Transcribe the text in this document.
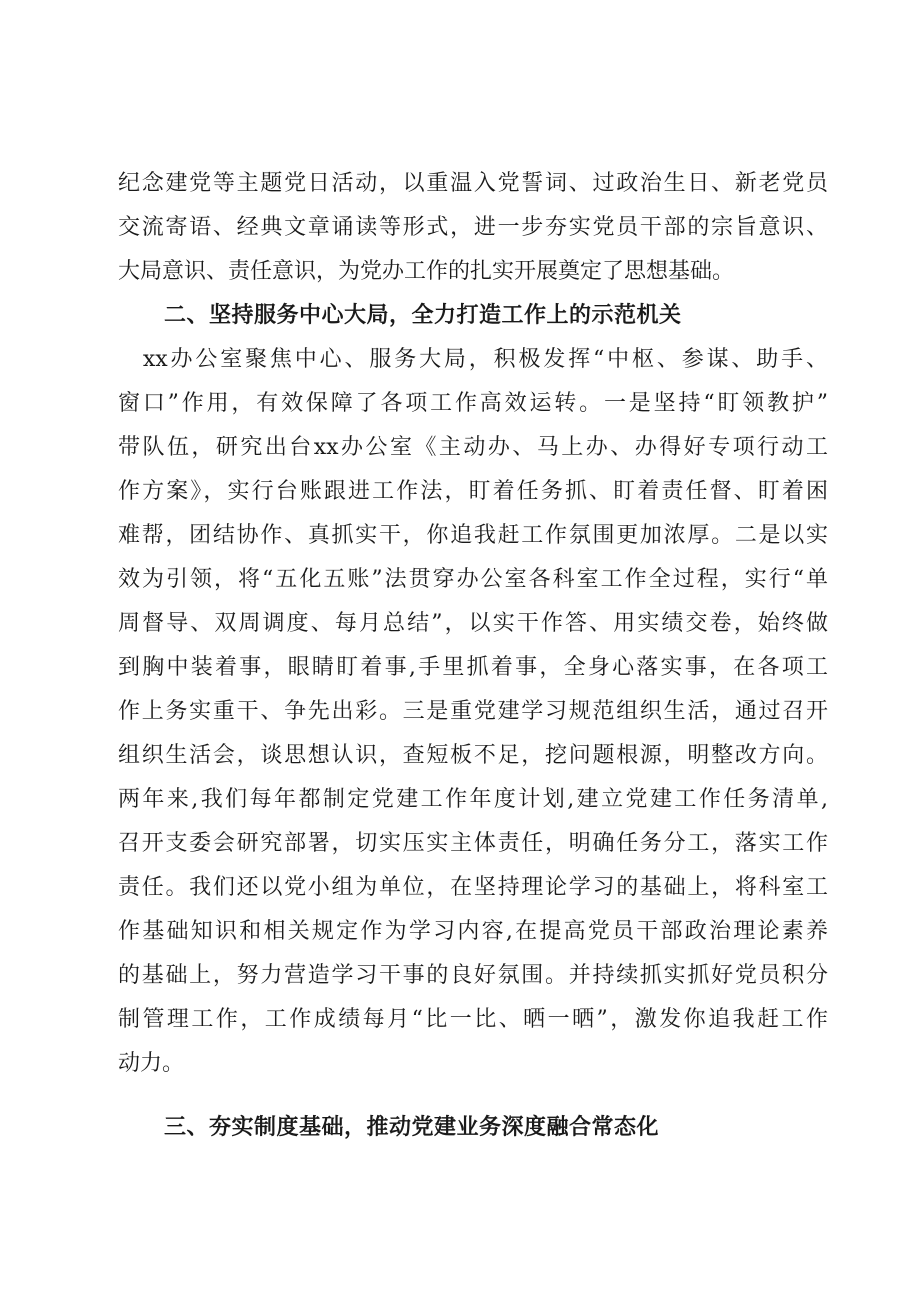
纪念建党等主题党日活动，以重温入党誓词、过政治生日、新老党员
交流寄语、经典文章诵读等形式，进一步夯实党员干部的宗旨意识、
大局意识、责任意识，为党办工作的扎实开展奠定了思想基础。
二、坚持服务中心大局，全力打造工作上的示范机关
　xx办公室聚焦中心、服务大局，积极发挥“中枢、参谋、助手、
窗口”作用，有效保障了各项工作高效运转。一是坚持“盯领教护”
带队伍，研究出台xx办公室《主动办、马上办、办得好专项行动工
作方案》，实行台账跟进工作法，盯着任务抓、盯着责任督、盯着困
难帮，团结协作、真抓实干，你追我赶工作氛围更加浓厚。二是以实
效为引领，将“五化五账”法贯穿办公室各科室工作全过程，实行“单
周督导、双周调度、每月总结”，以实干作答、用实绩交卷，始终做
到胸中装着事，眼睛盯着事,手里抓着事，全身心落实事，在各项工
作上务实重干、争先出彩。三是重党建学习规范组织生活，通过召开
组织生活会，谈思想认识，查短板不足，挖问题根源，明整改方向。
两年来,我们每年都制定党建工作年度计划,建立党建工作任务清单,
召开支委会研究部署，切实压实主体责任，明确任务分工，落实工作
责任。我们还以党小组为单位，在坚持理论学习的基础上，将科室工
作基础知识和相关规定作为学习内容,在提高党员干部政治理论素养
的基础上，努力营造学习干事的良好氛围。并持续抓实抓好党员积分
制管理工作，工作成绩每月“比一比、晒一晒”，激发你追我赶工作
动力。
三、夯实制度基础，推动党建业务深度融合常态化
